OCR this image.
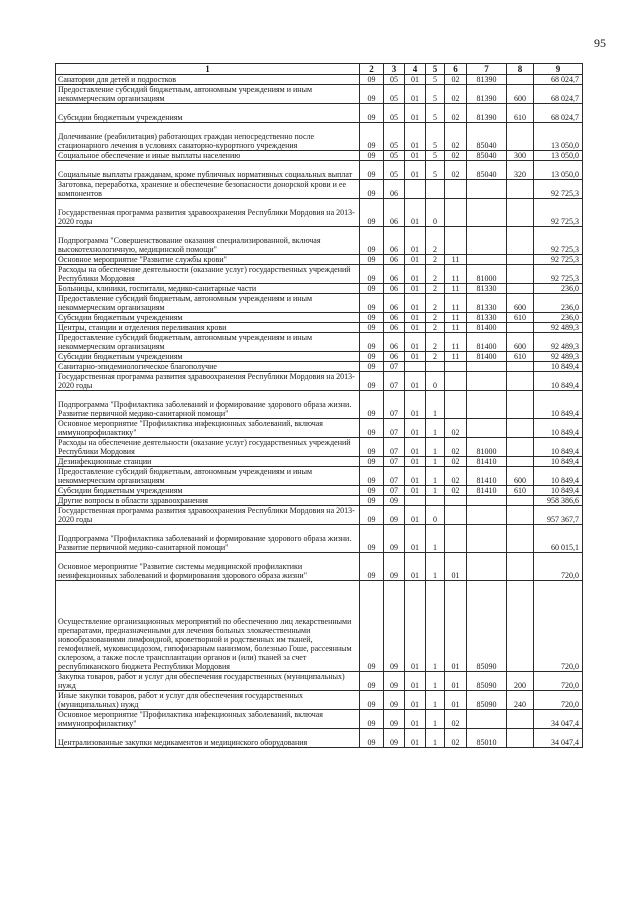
95
1	2	3	4	5	6	7	8	9
Санатории для детей и подростков	09	05	01	5	02	81390		68 024,7
Предоставление субсидий бюджетным, автономным учреждениям и иным некоммерческим организациям	09	05	01	5	02	81390	600	68 024,7
Субсидии бюджетным учреждениям	09	05	01	5	02	81390	610	68 024,7
Долечивание (реабилитация) работающих граждан непосредственно после стационарного лечения в условиях санаторно-курортного учреждения	09	05	01	5	02	85040		13 050,0
Социальное обеспечение и иные выплаты населению	09	05	01	5	02	85040	300	13 050,0
Социальные выплаты гражданам, кроме публичных нормативных социальных выплат	09	05	01	5	02	85040	320	13 050,0
Заготовка, переработка, хранение и обеспечение безопасности донорской крови и ее компонентов	09	06						92 725,3
Государственная программа развития здравоохранения Республики Мордовия на 2013-2020 годы	09	06	01	0				92 725,3
Подпрограмма "Совершенствование оказания специализированной, включая высокотехнологичную, медицинской помощи"	09	06	01	2				92 725,3
Основное мероприятие "Развитие службы крови"	09	06	01	2	11			92 725,3
Расходы на обеспечение деятельности (оказание услуг) государственных учреждений Республики Мордовия	09	06	01	2	11	81000		92 725,3
Больницы, клиники, госпитали, медико-санитарные части	09	06	01	2	11	81330		236,0
Предоставление субсидий бюджетным, автономным учреждениям и иным некоммерческим организациям	09	06	01	2	11	81330	600	236,0
Субсидии бюджетным учреждениям	09	06	01	2	11	81330	610	236,0
Центры, станции и отделения переливания крови	09	06	01	2	11	81400		92 489,3
Предоставление субсидий бюджетным, автономным учреждениям и иным некоммерческим организациям	09	06	01	2	11	81400	600	92 489,3
Субсидии бюджетным учреждениям	09	06	01	2	11	81400	610	92 489,3
Санитарно-эпидемиологическое благополучие	09	07						10 849,4
Государственная программа развития здравоохранения Республики Мордовия на 2013-2020 годы	09	07	01	0				10 849,4
Подпрограмма "Профилактика заболеваний и формирование здорового образа жизни. Развитие первичной медико-санитарной помощи"	09	07	01	1				10 849,4
Основное мероприятие "Профилактика инфекционных заболеваний, включая иммунопрофилактику"	09	07	01	1	02			10 849,4
Расходы на обеспечение деятельности (оказание услуг) государственных учреждений Республики Мордовия	09	07	01	1	02	81000		10 849,4
Дезинфекционные станции	09	07	01	1	02	81410		10 849,4
Предоставление субсидий бюджетным, автономным учреждениям и иным некоммерческим организациям	09	07	01	1	02	81410	600	10 849,4
Субсидии бюджетным учреждениям	09	07	01	1	02	81410	610	10 849,4
Другие вопросы в области здравоохранения	09	09						958 386,6
Государственная программа развития здравоохранения Республики Мордовия на 2013-2020 годы	09	09	01	0				957 367,7
Подпрограмма "Профилактика заболеваний и формирование здорового образа жизни. Развитие первичной медико-санитарной помощи"	09	09	01	1				60 015,1
Основное мероприятие "Развитие системы медицинской профилактики неинфекционных заболеваний и формирования здорового образа жизни"	09	09	01	1	01			720,0
Осуществление организационных мероприятий по обеспечению лиц лекарственными препаратами, предназначенными для лечения больных злокачественными новообразованиями лимфоидной, кроветворной и родственных им тканей, гемофилией, муковисцидозом, гипофизарным нанизмом, болезнью Гоше, рассеянным склерозом, а также после трансплантации органов и (или) тканей за счет республиканского бюджета Республики Мордовия	09	09	01	1	01	85090		720,0
Закупка товаров, работ и услуг для обеспечения государственных (муниципальных) нужд	09	09	01	1	01	85090	200	720,0
Иные закупки товаров, работ и услуг для обеспечения государственных (муниципальных) нужд	09	09	01	1	01	85090	240	720,0
Основное мероприятие "Профилактика инфекционных заболеваний, включая иммунопрофилактику"	09	09	01	1	02			34 047,4
Централизованные закупки медикаментов и медицинского оборудования	09	09	01	1	02	85010		34 047,4
